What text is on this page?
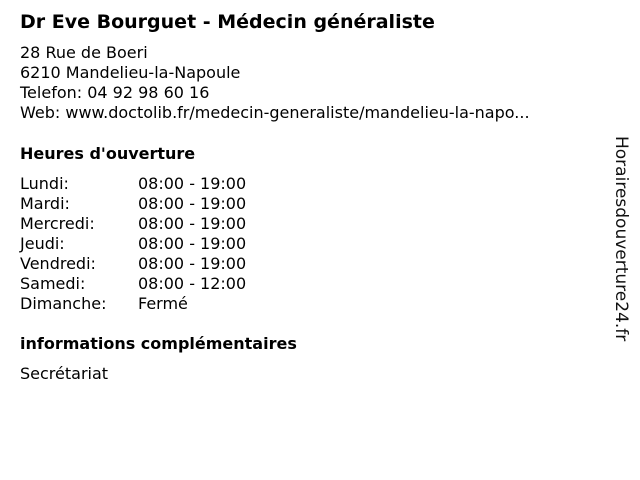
Dr Eve Bourguet - Médecin généraliste
28 Rue de Boeri
6210 Mandelieu-la-Napoule
Telefon: 04 92 98 60 16
Web: www.doctolib.fr/medecin-generaliste/mandelieu-la-napo...
Heures d'ouverture
Lundi:	08:00 - 19:00
Mardi:	08:00 - 19:00
Mercredi:	08:00 - 19:00
Jeudi:	08:00 - 19:00
Vendredi:	08:00 - 19:00
Samedi:	08:00 - 12:00
Dimanche: Fermé
informations complémentaires
Secrétariat
Horairesdouverture24.fr
